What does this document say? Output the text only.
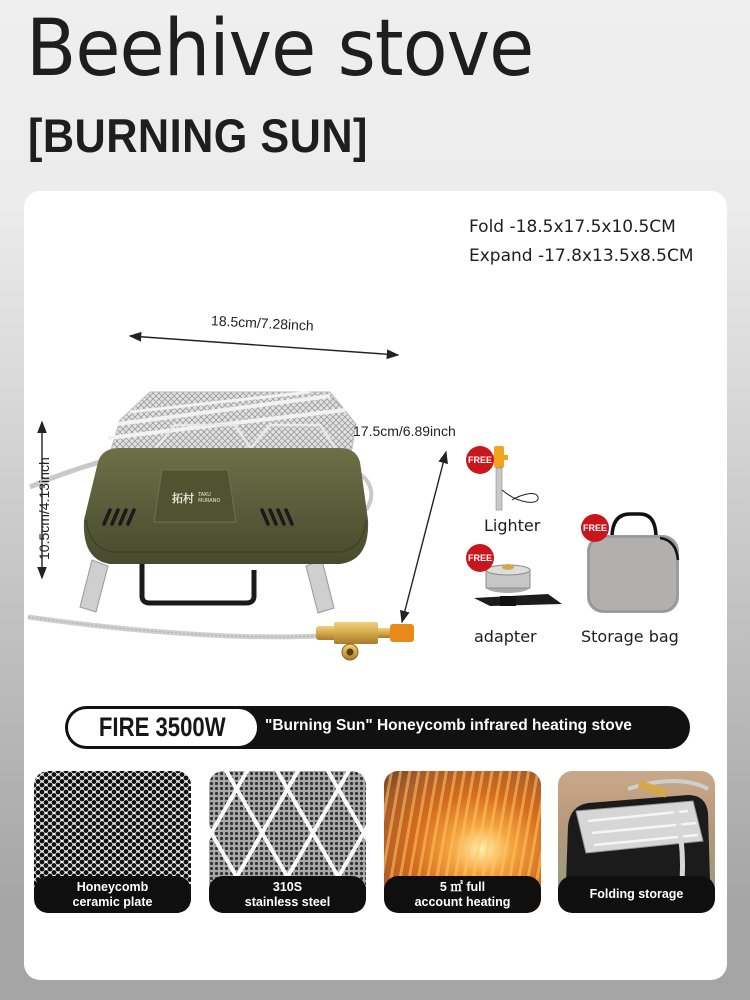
Beehive stove
[BURNING SUN]
Fold -18.5x17.5x10.5CM
Expand -17.8x13.5x8.5CM
拓村 TAKU
MURANO
18.5cm/7.28inch
17.5cm/6.89inch
10.5cm/4.13inch	FREE
Lighter
FREE
adapter
FREE
Storage bag
FIRE 3500W	"Burning Sun" Honeycomb infrared heating stove
Honeycomb
ceramic plate
310S
stainless steel
5 ㎡ full
account heating
Folding storage
